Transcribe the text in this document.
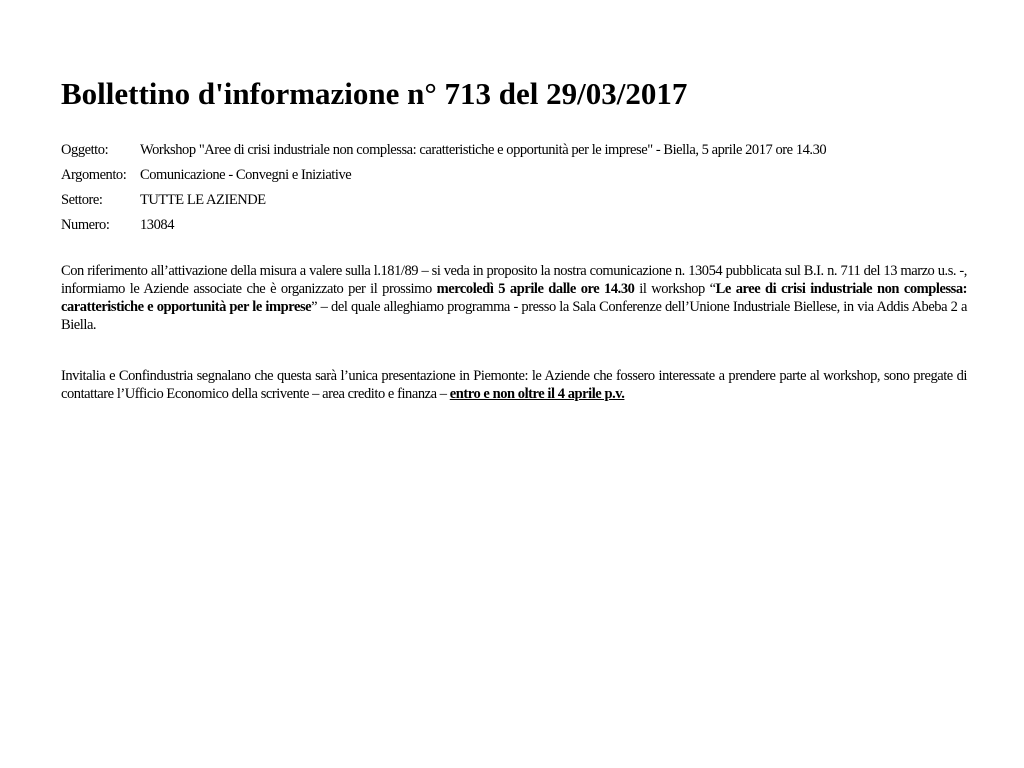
Bollettino d'informazione n° 713 del 29/03/2017
Oggetto:	Workshop "Aree di crisi industriale non complessa: caratteristiche e opportunità per le imprese" - Biella, 5 aprile 2017 ore 14.30
Argomento: Comunicazione - Convegni e Iniziative
Settore:	TUTTE LE AZIENDE
Numero:	13084

Con riferimento all’attivazione della misura a valere sulla l.181/89 – si veda in proposito la nostra comunicazione n. 13054 pubblicata sul B.I. n. 711 del 13 marzo u.s. -, informiamo le Aziende associate che è organizzato per il prossimo mercoledì 5 aprile dalle ore 14.30 il workshop “Le aree di crisi industriale non complessa: caratteristiche e opportunità per le imprese” – del quale alleghiamo programma - presso la Sala Conferenze dell’Unione Industriale Biellese, in via Addis Abeba 2 a Biella.

Invitalia e Confindustria segnalano che questa sarà l’unica presentazione in Piemonte: le Aziende che fossero interessate a prendere parte al workshop, sono pregate di contattare l’Ufficio Economico della scrivente – area credito e finanza – entro e non oltre il 4 aprile p.v.
